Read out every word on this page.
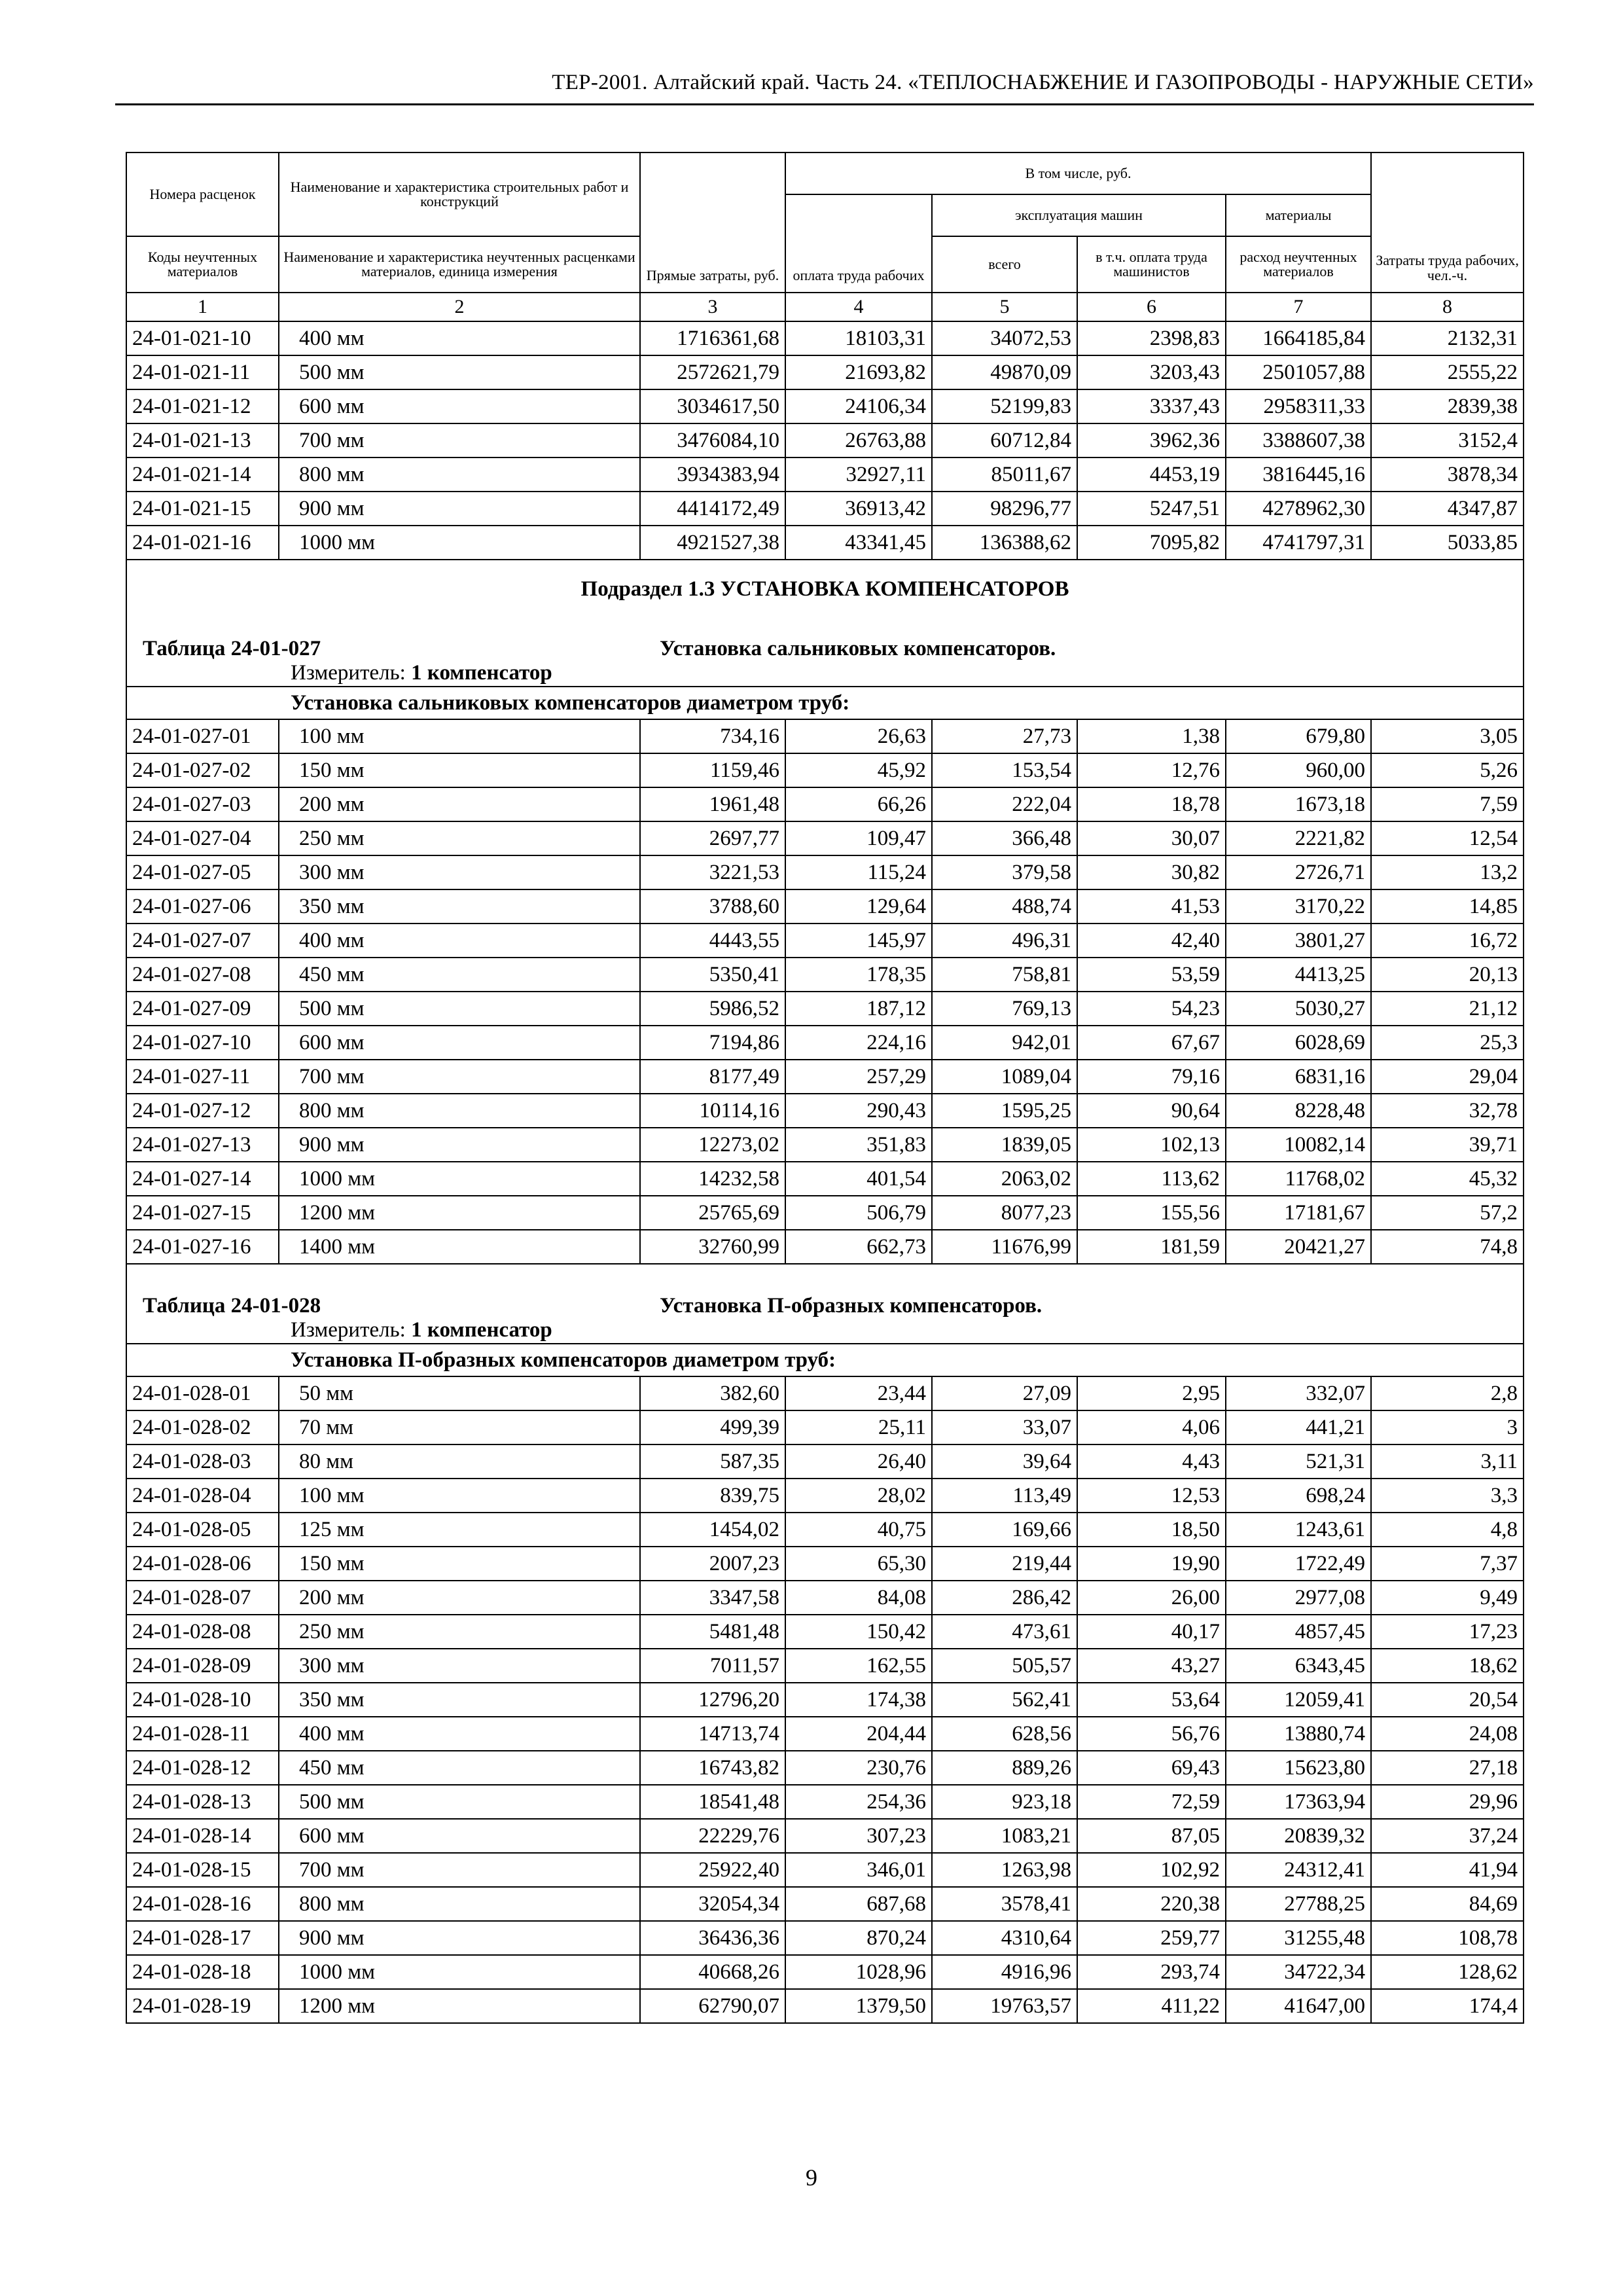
ТЕР-2001. Алтайский край. Часть 24. «ТЕПЛОСНАБЖЕНИЕ И ГАЗОПРОВОДЫ - НАРУЖНЫЕ СЕТИ»
Номера расценок	Наименование и характеристика строительных работ и конструкций	Прямые затраты, руб.	В том числе, руб.				Затраты труда рабочих, чел.-ч.
			оплата труда рабочих	эксплуатация машин		материалы	
Коды неучтенных материалов	Наименование и характеристика неучтенных расценками материалов, единица измерения			всего	в т.ч. оплата труда машинистов	расход неучтенных материалов	
1	2	3	4	5	6	7	8
24-01-021-10	400 мм	1716361,68	18103,31	34072,53	2398,83	1664185,84	2132,31
24-01-021-11	500 мм	2572621,79	21693,82	49870,09	3203,43	2501057,88	2555,22
24-01-021-12	600 мм	3034617,50	24106,34	52199,83	3337,43	2958311,33	2839,38
24-01-021-13	700 мм	3476084,10	26763,88	60712,84	3962,36	3388607,38	3152,4
24-01-021-14	800 мм	3934383,94	32927,11	85011,67	4453,19	3816445,16	3878,34
24-01-021-15	900 мм	4414172,49	36913,42	98296,77	5247,51	4278962,30	4347,87
24-01-021-16	1000 мм	4921527,38	43341,45	136388,62	7095,82	4741797,31	5033,85
Подраздел 1.3 УСТАНОВКА КОМПЕНСАТОРОВ							
Таблица 24-01-027 Установка сальниковых компенсаторов.							
Измеритель: 1 компенсатор							
Установка сальниковых компенсаторов диаметром труб:							
24-01-027-01	100 мм	734,16	26,63	27,73	1,38	679,80	3,05
24-01-027-02	150 мм	1159,46	45,92	153,54	12,76	960,00	5,26
24-01-027-03	200 мм	1961,48	66,26	222,04	18,78	1673,18	7,59
24-01-027-04	250 мм	2697,77	109,47	366,48	30,07	2221,82	12,54
24-01-027-05	300 мм	3221,53	115,24	379,58	30,82	2726,71	13,2
24-01-027-06	350 мм	3788,60	129,64	488,74	41,53	3170,22	14,85
24-01-027-07	400 мм	4443,55	145,97	496,31	42,40	3801,27	16,72
24-01-027-08	450 мм	5350,41	178,35	758,81	53,59	4413,25	20,13
24-01-027-09	500 мм	5986,52	187,12	769,13	54,23	5030,27	21,12
24-01-027-10	600 мм	7194,86	224,16	942,01	67,67	6028,69	25,3
24-01-027-11	700 мм	8177,49	257,29	1089,04	79,16	6831,16	29,04
24-01-027-12	800 мм	10114,16	290,43	1595,25	90,64	8228,48	32,78
24-01-027-13	900 мм	12273,02	351,83	1839,05	102,13	10082,14	39,71
24-01-027-14	1000 мм	14232,58	401,54	2063,02	113,62	11768,02	45,32
24-01-027-15	1200 мм	25765,69	506,79	8077,23	155,56	17181,67	57,2
24-01-027-16	1400 мм	32760,99	662,73	11676,99	181,59	20421,27	74,8

Таблица 24-01-028 Установка П-образных компенсаторов.							
Измеритель: 1 компенсатор							
Установка П-образных компенсаторов диаметром труб:							
24-01-028-01	50 мм	382,60	23,44	27,09	2,95	332,07	2,8
24-01-028-02	70 мм	499,39	25,11	33,07	4,06	441,21	3
24-01-028-03	80 мм	587,35	26,40	39,64	4,43	521,31	3,11
24-01-028-04	100 мм	839,75	28,02	113,49	12,53	698,24	3,3
24-01-028-05	125 мм	1454,02	40,75	169,66	18,50	1243,61	4,8
24-01-028-06	150 мм	2007,23	65,30	219,44	19,90	1722,49	7,37
24-01-028-07	200 мм	3347,58	84,08	286,42	26,00	2977,08	9,49
24-01-028-08	250 мм	5481,48	150,42	473,61	40,17	4857,45	17,23
24-01-028-09	300 мм	7011,57	162,55	505,57	43,27	6343,45	18,62
24-01-028-10	350 мм	12796,20	174,38	562,41	53,64	12059,41	20,54
24-01-028-11	400 мм	14713,74	204,44	628,56	56,76	13880,74	24,08
24-01-028-12	450 мм	16743,82	230,76	889,26	69,43	15623,80	27,18
24-01-028-13	500 мм	18541,48	254,36	923,18	72,59	17363,94	29,96
24-01-028-14	600 мм	22229,76	307,23	1083,21	87,05	20839,32	37,24
24-01-028-15	700 мм	25922,40	346,01	1263,98	102,92	24312,41	41,94
24-01-028-16	800 мм	32054,34	687,68	3578,41	220,38	27788,25	84,69
24-01-028-17	900 мм	36436,36	870,24	4310,64	259,77	31255,48	108,78
24-01-028-18	1000 мм	40668,26	1028,96	4916,96	293,74	34722,34	128,62
24-01-028-19	1200 мм	62790,07	1379,50	19763,57	411,22	41647,00	174,4
9
